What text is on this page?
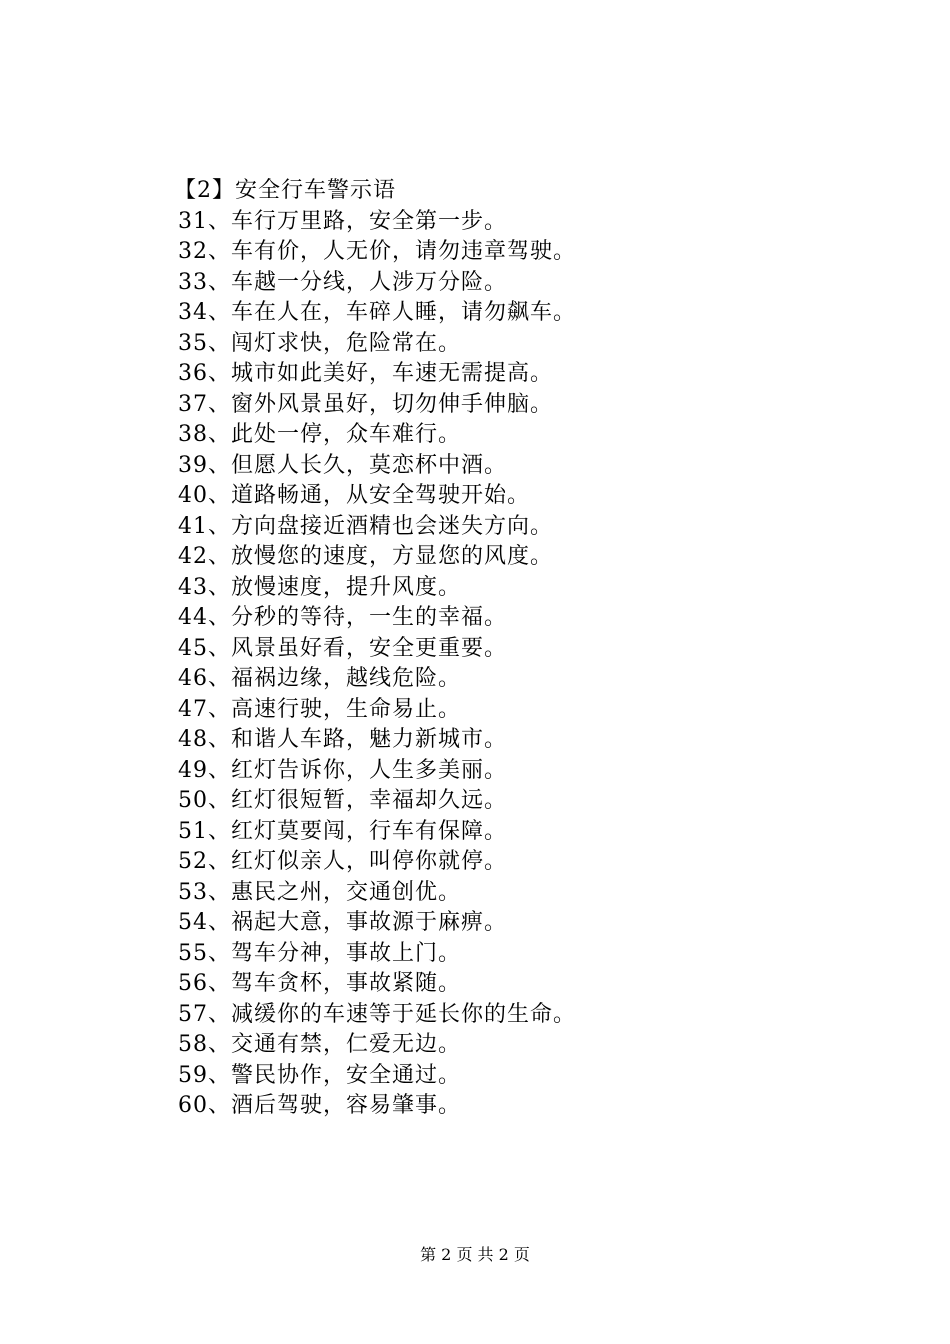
【2】安全行车警示语
31、车行万里路，安全第一步。
32、车有价，人无价，请勿违章驾驶。
33、车越一分线，人涉万分险。
34、车在人在，车碎人睡，请勿飙车。
35、闯灯求快，危险常在。
36、城市如此美好，车速无需提高。
37、窗外风景虽好，切勿伸手伸脑。
38、此处一停，众车难行。
39、但愿人长久，莫恋杯中酒。
40、道路畅通，从安全驾驶开始。
41、方向盘接近酒精也会迷失方向。
42、放慢您的速度，方显您的风度。
43、放慢速度，提升风度。
44、分秒的等待，一生的幸福。
45、风景虽好看，安全更重要。
46、福祸边缘，越线危险。
47、高速行驶，生命易止。
48、和谐人车路，魅力新城市。
49、红灯告诉你，人生多美丽。
50、红灯很短暂，幸福却久远。
51、红灯莫要闯，行车有保障。
52、红灯似亲人，叫停你就停。
53、惠民之州，交通创优。
54、祸起大意，事故源于麻痹。
55、驾车分神，事故上门。
56、驾车贪杯，事故紧随。
57、减缓你的车速等于延长你的生命。
58、交通有禁，仁爱无边。
59、警民协作，安全通过。
60、酒后驾驶，容易肇事。
第 2 页 共 2 页
